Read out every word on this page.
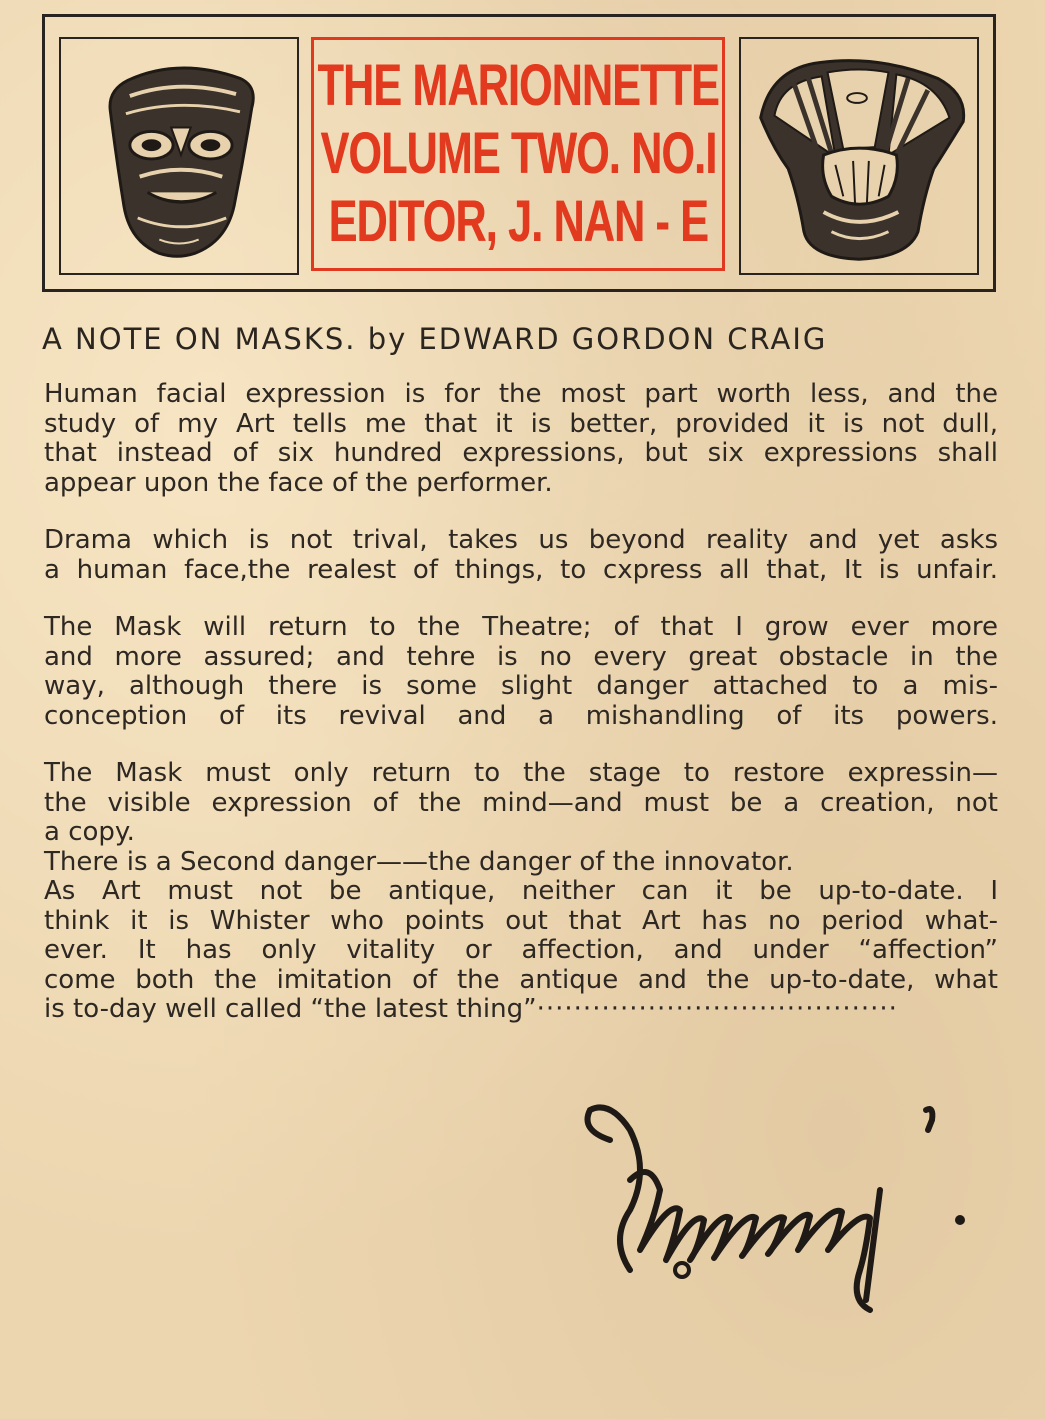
THE MARIONNETTE
VOLUME TWO. NO.I
EDITOR, J. NAN - E
A NOTE ON MASKS. by EDWARD GORDON CRAIG
Human facial expression is for the most part worth less, and the
study of my Art tells me that it is better, provided it is not dull,
that instead of six hundred expressions, but six expressions shall
appear upon the face of the performer.
Drama which is not trival, takes us beyond reality and yet asks
a human face,the realest of things, to cxpress all that, It is unfair.
The Mask will return to the Theatre; of that I grow ever more
and more assured; and tehre is no every great obstacle in the
way, although there is some slight danger attached to a mis-
conception of its revival and a mishandling of its powers.
The Mask must only return to the stage to restore expressin—
the visible expression of the mind—and must be a creation, not
a copy.
There is a Second danger——the danger of the innovator.
As Art must not be antique, neither can it be up-to-date. I
think it is Whister who points out that Art has no period what-
ever. It has only vitality or affection, and under “affection”
come both the imitation of the antique and the up-to-date, what
is to-day well called “the latest thing”·······································
